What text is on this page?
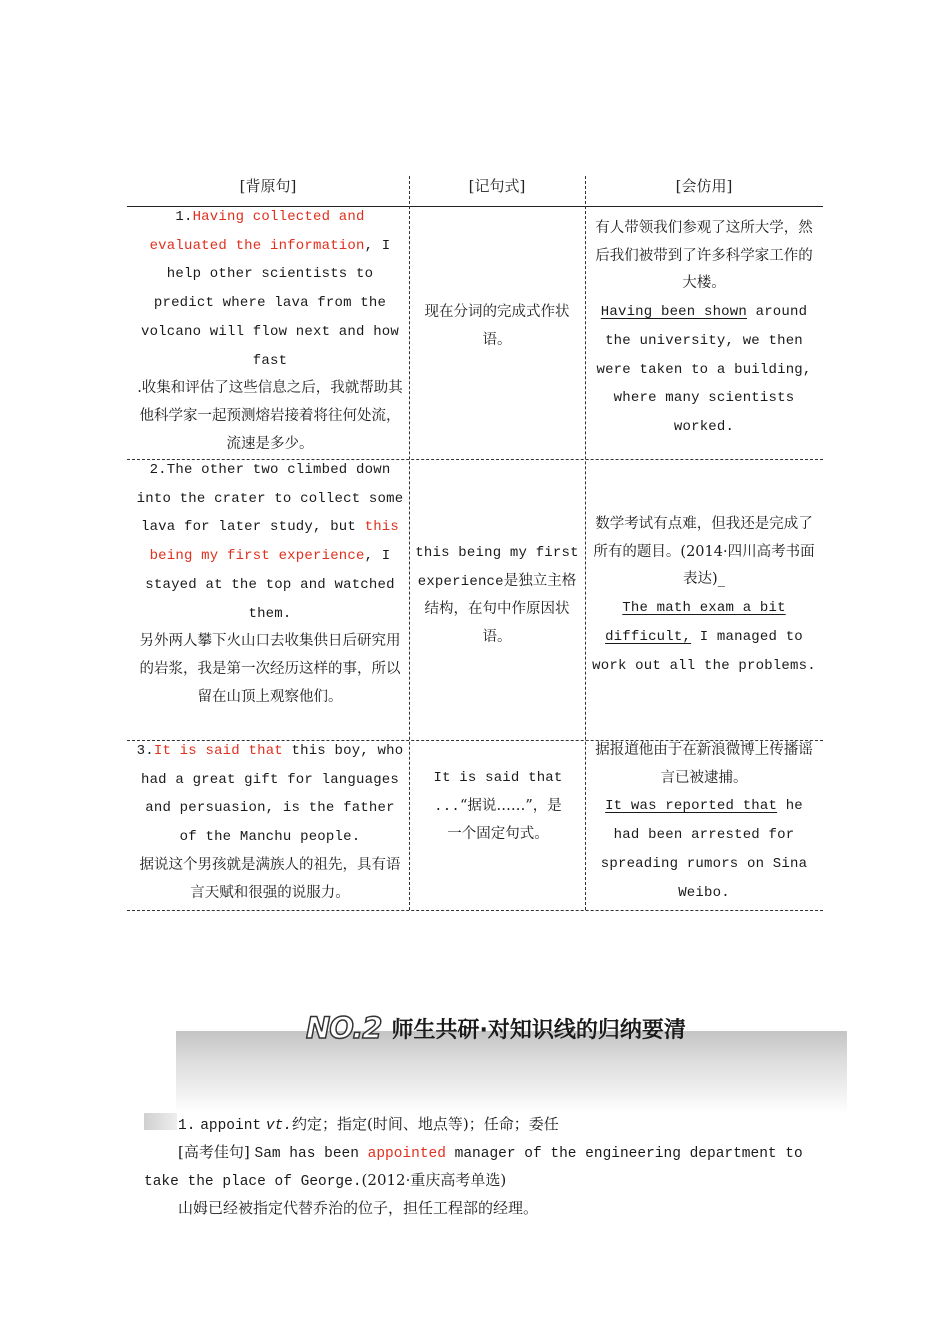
[背原句]	[记句式]	[会仿用]
1.Having collected and evaluated the information, I help other scientists to predict where lava from the volcano will flow next and how fast
.收集和评估了这些信息之后，我就帮助其他科学家一起预测熔岩接着将往何处流，流速是多少。
现在分词的完成式作状语。
有人带领我们参观了这所大学，然后我们被带到了许多科学家工作的大楼。
Having been shown around the university, we then were taken to a building, where many scientists worked.
2.The other two climbed down into the crater to collect some lava for later study, but this being my first experience, I stayed at the top and watched them.
另外两人攀下火山口去收集供日后研究用的岩浆，我是第一次经历这样的事，所以留在山顶上观察他们。
this being my first experience是独立主格结构，在句中作原因状语。
数学考试有点难，但我还是完成了所有的题目。(2014·四川高考书面表达)_
The math exam a bit difficult, I managed to work out all the problems.
3.It is said that this boy, who had a great gift for languages and persuasion, is the father of the Manchu people.
据说这个男孩就是满族人的祖先，具有语言天赋和很强的说服力。
It is said that ...“据说……”，是一个固定句式。
据报道他由于在新浪微博上传播谣言已被逮捕。
It was reported that he had been arrested for spreading rumors on Sina Weibo.
NO.2 师生共研·对知识线的归纳要清
1. appoint vt.约定；指定(时间、地点等)；任命；委任
[高考佳句] Sam has been appointed manager of the engineering department to
take the place of George.(2012·重庆高考单选)
山姆已经被指定代替乔治的位子，担任工程部的经理。
